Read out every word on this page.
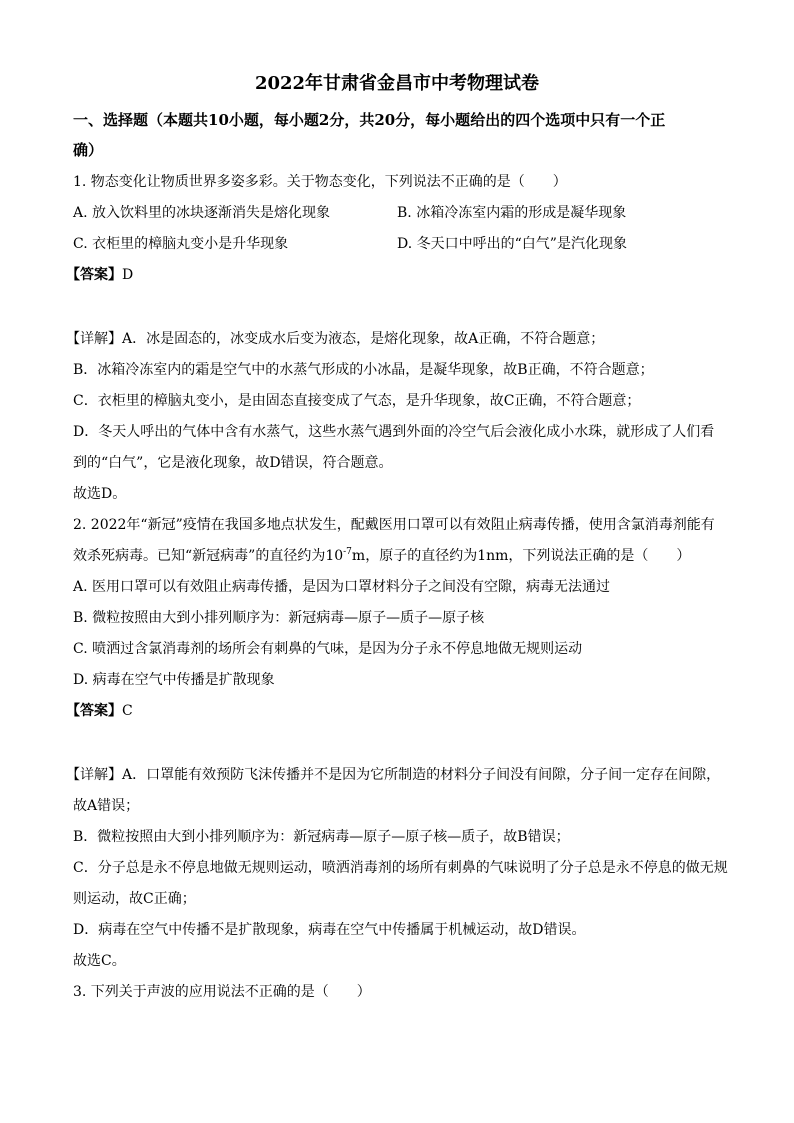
2022年甘肃省金昌市中考物理试卷
一、选择题（本题共10小题，每小题2分，共20分，每小题给出的四个选项中只有一个正
确）
1. 物态变化让物质世界多姿多彩。关于物态变化，下列说法不正确的是（　　）
A. 放入饮料里的冰块逐渐消失是熔化现象	B. 冰箱冷冻室内霜的形成是凝华现象
C. 衣柜里的樟脑丸变小是升华现象	D. 冬天口中呼出的“白气”是汽化现象
【答案】D
【详解】A．冰是固态的，冰变成水后变为液态，是熔化现象，故A正确，不符合题意；
B．冰箱冷冻室内的霜是空气中的水蒸气形成的小冰晶，是凝华现象，故B正确，不符合题意；
C．衣柜里的樟脑丸变小，是由固态直接变成了气态，是升华现象，故C正确，不符合题意；
D．冬天人呼出的气体中含有水蒸气，这些水蒸气遇到外面的冷空气后会液化成小水珠，就形成了人们看
到的“白气”，它是液化现象，故D错误，符合题意。
故选D。
2. 2022年“新冠”疫情在我国多地点状发生，配戴医用口罩可以有效阻止病毒传播，使用含氯消毒剂能有
效杀死病毒。已知“新冠病毒”的直径约为$10^{-7}m$，原子的直径约为1nm，下列说法正确的是（　　）
A. 医用口罩可以有效阻止病毒传播，是因为口罩材料分子之间没有空隙，病毒无法通过
B. 微粒按照由大到小排列顺序为：新冠病毒—原子—质子—原子核
C. 喷洒过含氯消毒剂的场所会有刺鼻的气味，是因为分子永不停息地做无规则运动
D. 病毒在空气中传播是扩散现象
【答案】C
【详解】A．口罩能有效预防飞沫传播并不是因为它所制造的材料分子间没有间隙，分子间一定存在间隙，
故A错误；
B．微粒按照由大到小排列顺序为：新冠病毒—原子—原子核—质子，故B错误；
C．分子总是永不停息地做无规则运动，喷洒消毒剂的场所有刺鼻的气味说明了分子总是永不停息的做无规
则运动，故C正确；
D．病毒在空气中传播不是扩散现象，病毒在空气中传播属于机械运动，故D错误。
故选C。
3. 下列关于声波的应用说法不正确的是（　　）
